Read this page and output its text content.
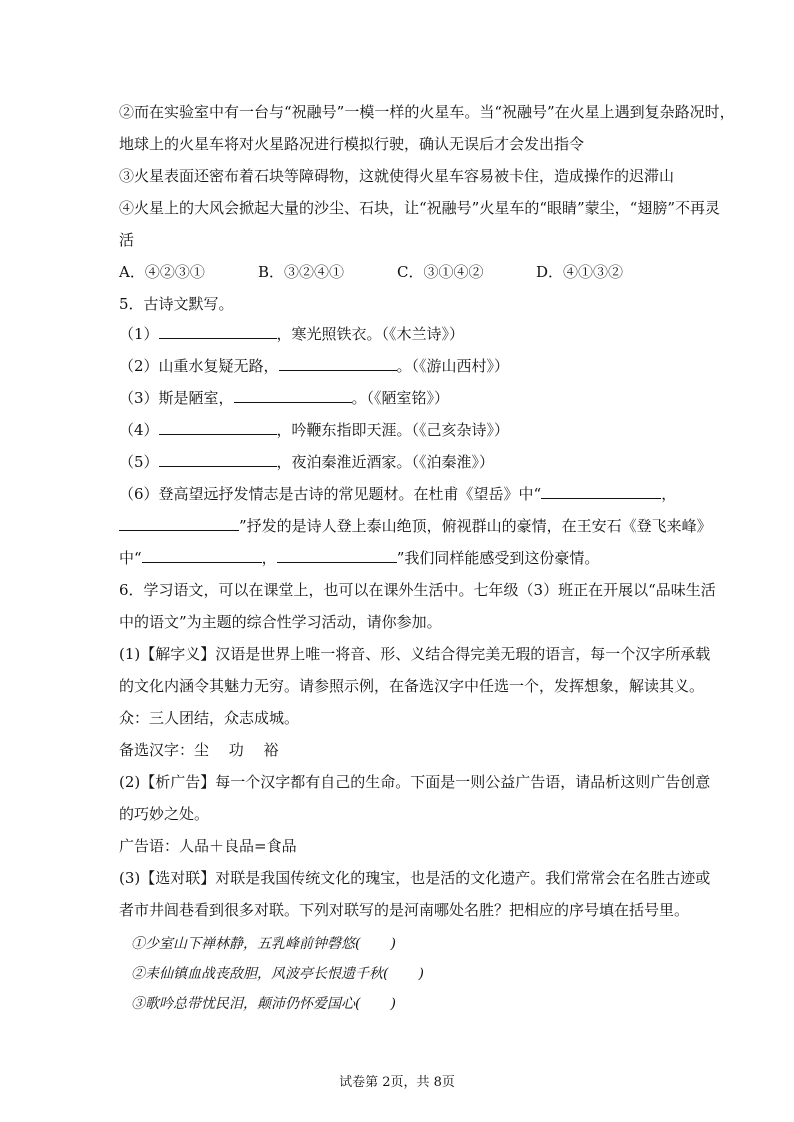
②而在实验室中有一台与“祝融号”一模一样的火星车。当“祝融号”在火星上遇到复杂路况时，
地球上的火星车将对火星路况进行模拟行驶，确认无误后才会发出指令
③火星表面还密布着石块等障碍物，这就使得火星车容易被卡住，造成操作的迟滞山
④火星上的大风会掀起大量的沙尘、石块，让“祝融号”火星车的“眼睛”蒙尘，“翅膀”不再灵
活
A．④②③①	B．③②④①	C．③①④②	D．④①③②
5．古诗文默写。
（1）	，寒光照铁衣。（《木兰诗》）
（2）山重水复疑无路，	。（《游山西村》）
（3）斯是陋室，	。（《陋室铭》）
（4）	，吟鞭东指即天涯。（《己亥杂诗》）
（5）	，夜泊秦淮近酒家。（《泊秦淮》）
（6）登高望远抒发情志是古诗的常见题材。在杜甫《望岳》中“	，
”抒发的是诗人登上泰山绝顶，俯视群山的豪情，在王安石《登飞来峰》
中“	，	”我们同样能感受到这份豪情。
6．学习语文，可以在课堂上，也可以在课外生活中。七年级（3）班正在开展以“品味生活
中的语文”为主题的综合性学习活动，请你参加。
(1)【解字义】汉语是世界上唯一将音、形、义结合得完美无瑕的语言，每一个汉字所承载
的文化内涵令其魅力无穷。请参照示例，在备选汉字中任选一个，发挥想象，解读其义。
众：三人团结，众志成城。
备选汉字：尘　 功　 裕
(2)【析广告】每一个汉字都有自己的生命。下面是一则公益广告语，请品析这则广告创意
的巧妙之处。
广告语：人品＋良品=食品
(3)【选对联】对联是我国传统文化的瑰宝，也是活的文化遗产。我们常常会在名胜古迹或
者市井闾巷看到很多对联。下列对联写的是河南哪处名胜？把相应的序号填在括号里。
①少室山下禅林静，五乳峰前钟磬悠( )
②耒仙镇血战丧敌胆，风波亭长恨遗千秋( )
③歌吟总带忧民泪，颠沛仍怀爱国心( )
试卷第 2页，共 8页
